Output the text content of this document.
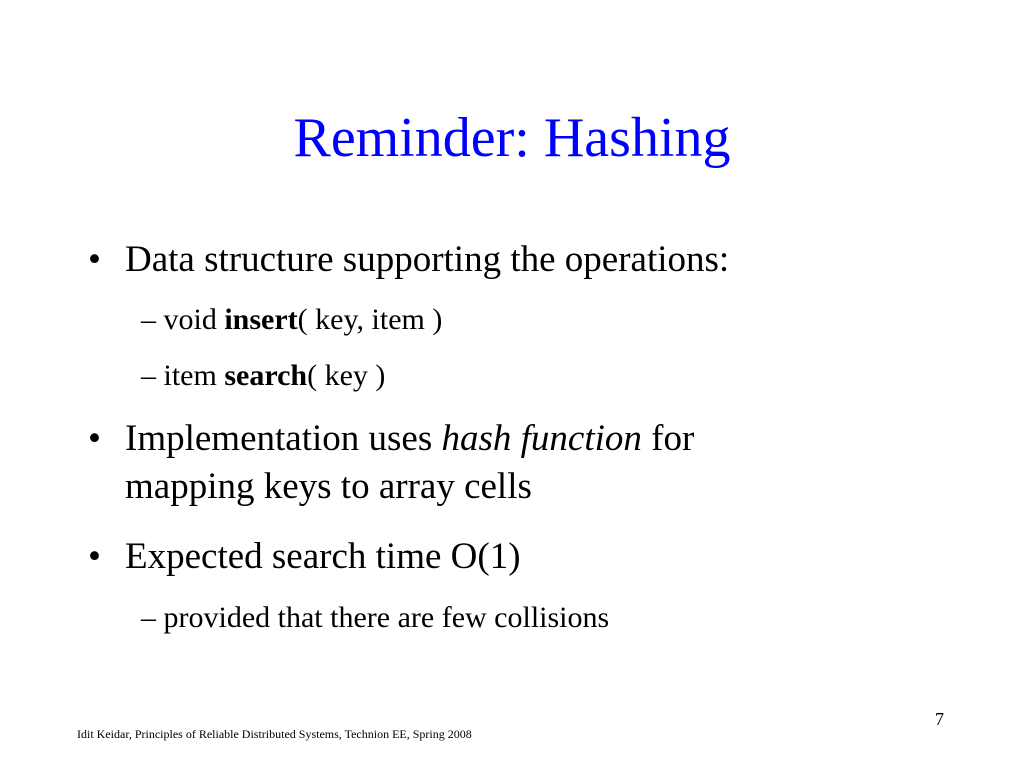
Reminder: Hashing
• Data structure supporting the operations:
– void insert( key, item )
– item search( key )
• Implementation uses hash function for
mapping keys to array cells
• Expected search time O(1)
– provided that there are few collisions
7
Idit Keidar, Principles of Reliable Distributed Systems, Technion EE, Spring 2008
